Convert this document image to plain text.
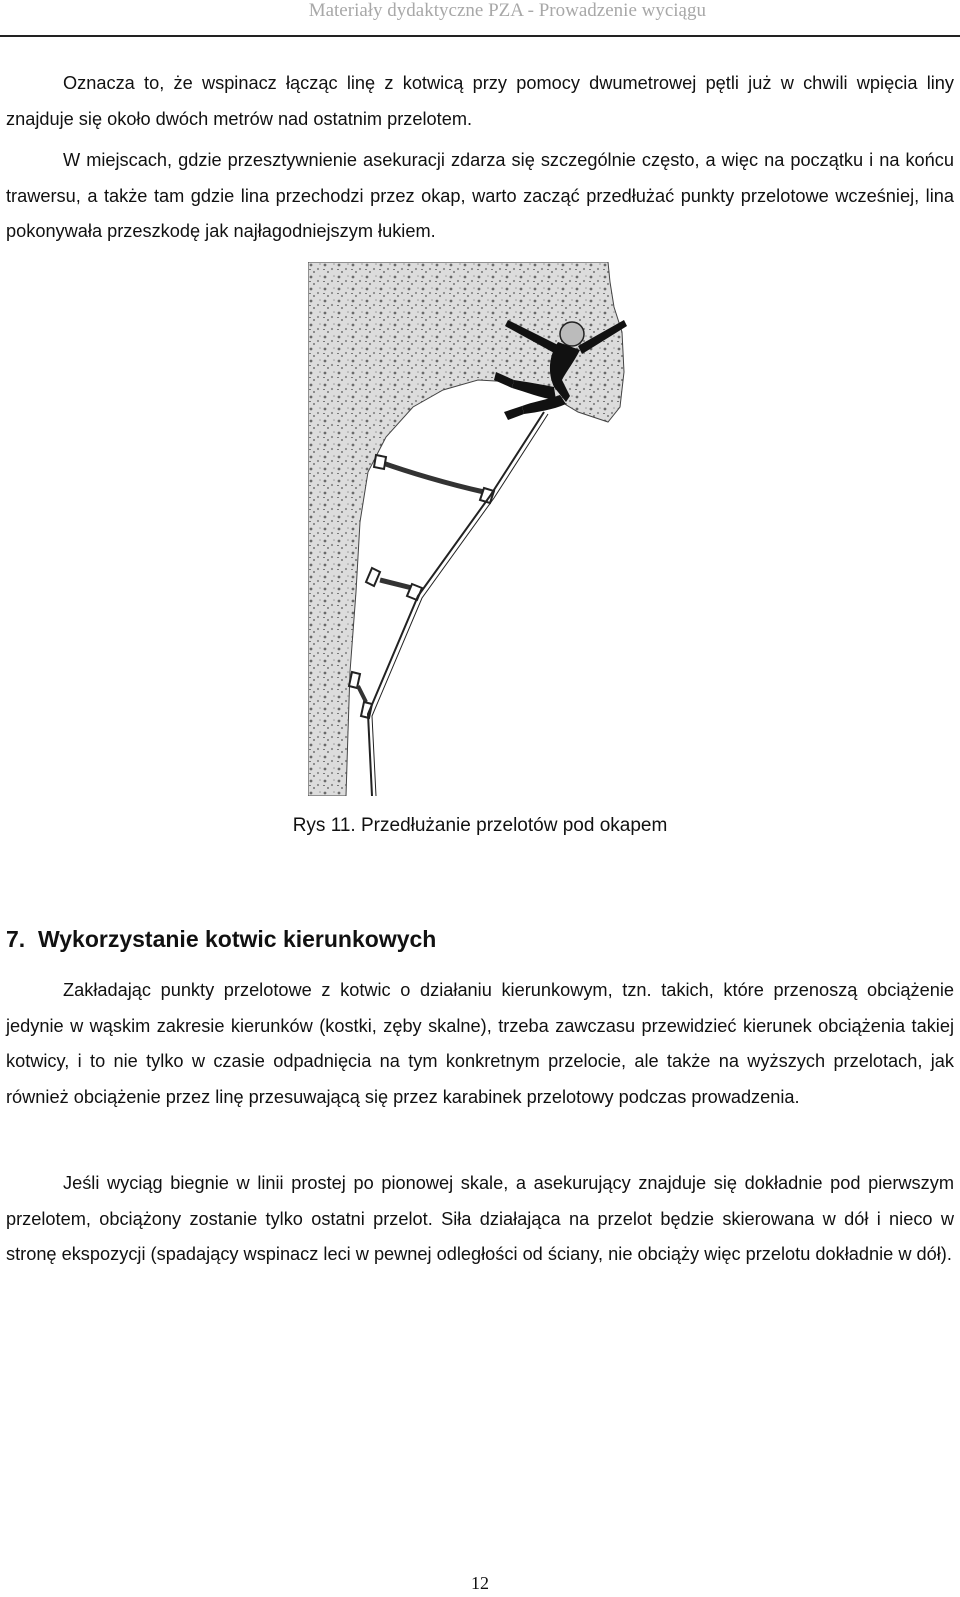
Materiały dydaktyczne PZA - Prowadzenie wyciągu

Oznacza to, że wspinacz łącząc linę z kotwicą przy pomocy dwumetrowej pętli już w chwili wpięcia liny znajduje się około dwóch metrów nad ostatnim przelotem.

W miejscach, gdzie przesztywnienie asekuracji zdarza się szczególnie często, a więc na początku i na końcu trawersu, a także tam gdzie lina przechodzi przez okap, warto zacząć przedłużać punkty przelotowe wcześniej, lina pokonywała przeszkodę jak najłagodniejszym łukiem.

Rys 11. Przedłużanie przelotów pod okapem
7. Wykorzystanie kotwic kierunkowych

Zakładając punkty przelotowe z kotwic o działaniu kierunkowym, tzn. takich, które przenoszą obciążenie jedynie w wąskim zakresie kierunków (kostki, zęby skalne), trzeba zawczasu przewidzieć kierunek obciążenia takiej kotwicy, i to nie tylko w czasie odpadnięcia na tym konkretnym przelocie, ale także na wyższych przelotach, jak również obciążenie przez linę przesuwającą się przez karabinek przelotowy podczas prowadzenia.

Jeśli wyciąg biegnie w linii prostej po pionowej skale, a asekurujący znajduje się dokładnie pod pierwszym przelotem, obciążony zostanie tylko ostatni przelot. Siła działająca na przelot będzie skierowana w dół i nieco w stronę ekspozycji (spadający wspinacz leci w pewnej odległości od ściany, nie obciąży więc przelotu dokładnie w dół).

12
